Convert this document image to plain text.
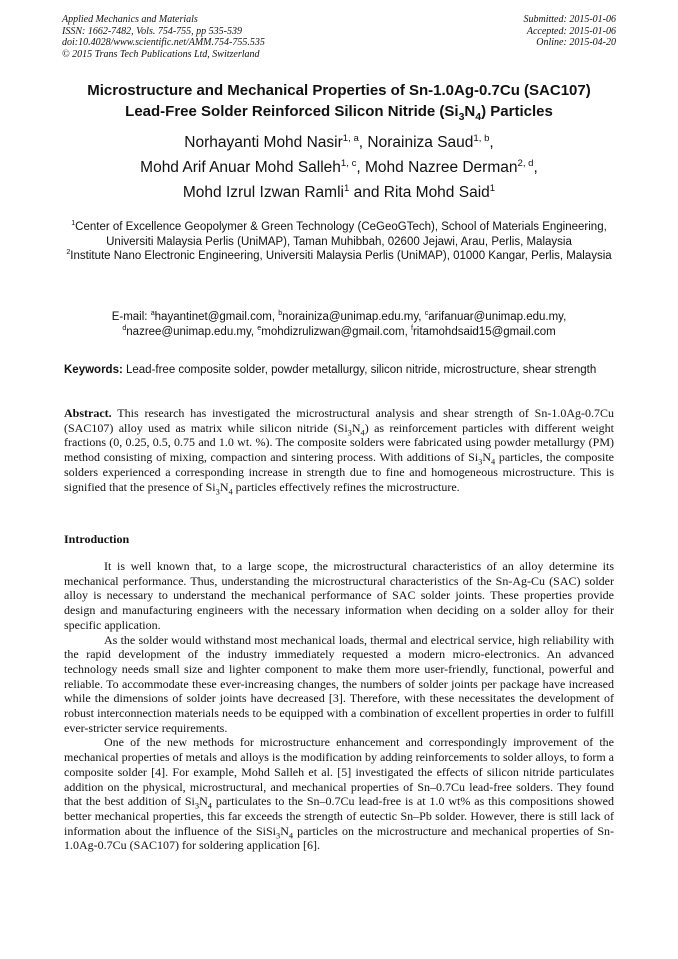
Applied Mechanics and Materials
ISSN: 1662-7482, Vols. 754-755, pp 535-539
doi:10.4028/www.scientific.net/AMM.754-755.535
© 2015 Trans Tech Publications Ltd, Switzerland
Submitted: 2015-01-06
Accepted: 2015-01-06
Online: 2015-04-20
Microstructure and Mechanical Properties of Sn-1.0Ag-0.7Cu (SAC107)
Lead-Free Solder Reinforced Silicon Nitride $(Si_3N_4)$ Particles
Norhayanti Mohd Nasir$^{1, a}$, Norainiza Saud$^{1, b}$,
Mohd Arif Anuar Mohd Salleh$^{1, c}$, Mohd Nazree Derman$^{2, d}$,
Mohd Izrul Izwan Ramli$^1$ and Rita Mohd Said$^1$
$^1$Center of Excellence Geopolymer & Green Technology (CeGeoGTech), School of Materials Engineering, Universiti Malaysia Perlis (UniMAP), Taman Muhibbah, 02600 Jejawi, Arau, Perlis, Malaysia
$^2$Institute Nano Electronic Engineering, Universiti Malaysia Perlis (UniMAP), 01000 Kangar, Perlis, Malaysia
E-mail: $^a$hayantinet@gmail.com, $^b$norainiza@unimap.edu.my, $^c$arifanuar@unimap.edu.my, $^d$nazree@unimap.edu.my, $^e$mohdizrulizwan@gmail.com, $^f$ritamohdsaid15@gmail.com
Keywords: Lead-free composite solder, powder metallurgy, silicon nitride, microstructure, shear strength
Abstract. This research has investigated the microstructural analysis and shear strength of Sn-1.0Ag-0.7Cu (SAC107) alloy used as matrix while silicon nitride $(Si_3N_4)$ as reinforcement particles with different weight fractions (0, 0.25, 0.5, 0.75 and 1.0 wt. %). The composite solders were fabricated using powder metallurgy (PM) method consisting of mixing, compaction and sintering process. With additions of $Si_3N_4$ particles, the composite solders experienced a corresponding increase in strength due to fine and homogeneous microstructure. This is signified that the presence of $Si_3N_4$ particles effectively refines the microstructure.
Introduction

It is well known that, to a large scope, the microstructural characteristics of an alloy determine its mechanical performance. Thus, understanding the microstructural characteristics of the Sn-Ag-Cu (SAC) solder alloy is necessary to understand the mechanical performance of SAC solder joints. These properties provide design and manufacturing engineers with the necessary information when deciding on a solder alloy for their specific application.

As the solder would withstand most mechanical loads, thermal and electrical service, high reliability with the rapid development of the industry immediately requested a modern micro-electronics. An advanced technology needs small size and lighter component to make them more user-friendly, functional, powerful and reliable. To accommodate these ever-increasing changes, the numbers of solder joints per package have increased while the dimensions of solder joints have decreased [3]. Therefore, with these necessitates the development of robust interconnection materials needs to be equipped with a combination of excellent properties in order to fulfill ever-stricter service requirements.

One of the new methods for microstructure enhancement and correspondingly improvement of the mechanical properties of metals and alloys is the modification by adding reinforcements to solder alloys, to form a composite solder [4]. For example, Mohd Salleh et al. [5] investigated the effects of silicon nitride particulates addition on the physical, microstructural, and mechanical properties of Sn–0.7Cu lead-free solders. They found that the best addition of $Si_3N_4$ particulates to the Sn–0.7Cu lead-free is at 1.0 wt% as this compositions showed better mechanical properties, this far exceeds the strength of eutectic Sn–Pb solder. However, there is still lack of information about the influence of the $SiSi_3N_4$ particles on the microstructure and mechanical properties of Sn-1.0Ag-0.7Cu (SAC107) for soldering application [6].
